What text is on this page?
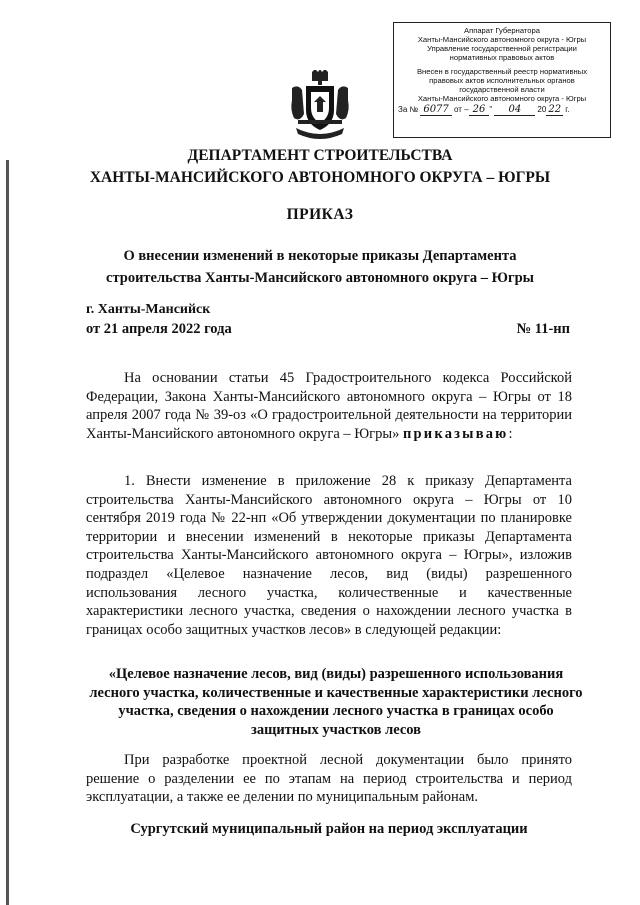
Аппарат Губернатора
Ханты-Мансийского автономного округа - Югры
Управление государственной регистрации
нормативных правовых актов
Внесен в государственный реестр нормативных
правовых актов исполнительных органов
государственной власти
Ханты-Мансийского автономного округа - Югры
За № 6077 от – 26 " 04 20 22 г.
ДЕПАРТАМЕНТ СТРОИТЕЛЬСТВА
ХАНТЫ-МАНСИЙСКОГО АВТОНОМНОГО ОКРУГА – ЮГРЫ
ПРИКАЗ
О внесении изменений в некоторые приказы Департамента
строительства Ханты-Мансийского автономного округа – Югры
г. Ханты-Мансийск
от 21 апреля 2022 года	№ 11-нп
На основании статьи 45 Градостроительного кодекса Российской Федерации, Закона Ханты-Мансийского автономного округа – Югры от 18 апреля 2007 года № 39-оз «О градостроительной деятельности на территории Ханты-Мансийского автономного округа – Югры» приказываю:
1. Внести изменение в приложение 28 к приказу Департамента строительства Ханты-Мансийского автономного округа – Югры от 10 сентября 2019 года № 22-нп «Об утверждении документации по планировке территории и внесении изменений в некоторые приказы Департамента строительства Ханты-Мансийского автономного округа – Югры», изложив подраздел «Целевое назначение лесов, вид (виды) разрешенного использования лесного участка, количественные и качественные характеристики лесного участка, сведения о нахождении лесного участка в границах особо защитных участков лесов» в следующей редакции:
«Целевое назначение лесов, вид (виды) разрешенного использования лесного участка, количественные и качественные характеристики лесного участка, сведения о нахождении лесного участка в границах особо защитных участков лесов
При разработке проектной лесной документации было принято решение о разделении ее по этапам на период строительства и период эксплуатации, а также ее делении по муниципальным районам.
Сургутский муниципальный район на период эксплуатации
